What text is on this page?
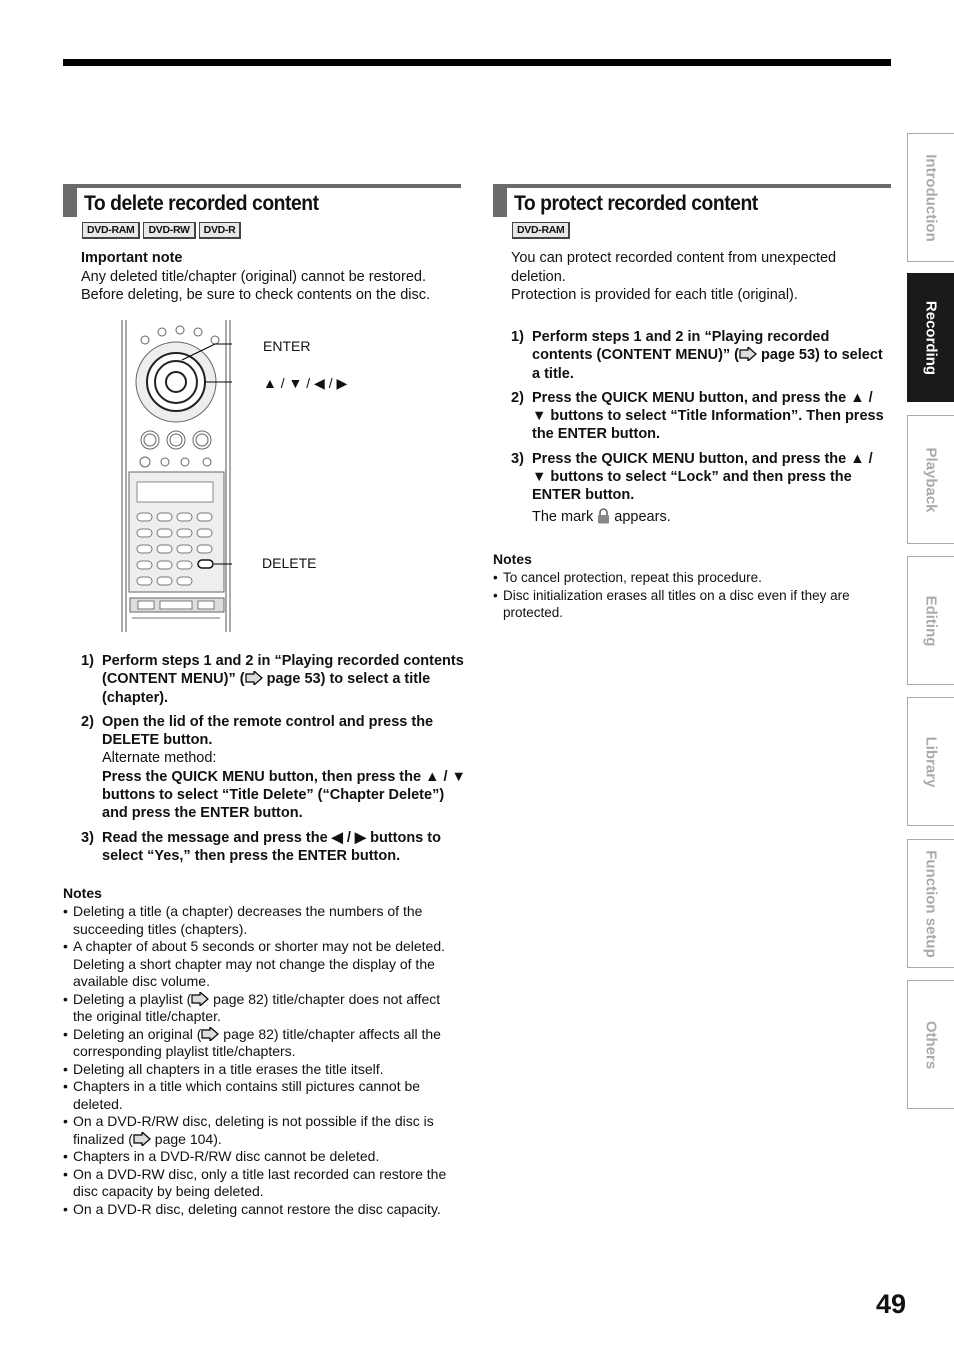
To delete recorded content
DVD-RAM	DVD-RW	DVD-R
Important note
Any deleted title/chapter (original) cannot be restored.
Before deleting, be sure to check contents on the disc.
ENTER
▲ / ▼ / ◀ / ▶
DELETE
1) Perform steps 1 and 2 in “Playing recorded contents (CONTENT MENU)” ( page 53) to select a title (chapter).
2) Open the lid of the remote control and press the DELETE button.
Alternate method:
Press the QUICK MENU button, then press the ▲ / ▼ buttons to select “Title Delete” (“Chapter Delete”) and press the ENTER button.
3) Read the message and press the ◀ / ▶ buttons to select “Yes,” then press the ENTER button.
Notes
• Deleting a title (a chapter) decreases the numbers of the succeeding titles (chapters).
• A chapter of about 5 seconds or shorter may not be deleted. Deleting a short chapter may not change the display of the available disc volume.
• Deleting a playlist ( page 82) title/chapter does not affect the original title/chapter.
• Deleting an original ( page 82) title/chapter affects all the corresponding playlist title/chapters.
• Deleting all chapters in a title erases the title itself.
• Chapters in a title which contains still pictures cannot be deleted.
• On a DVD-R/RW disc, deleting is not possible if the disc is finalized ( page 104).
• Chapters in a DVD-R/RW disc cannot be deleted.
• On a DVD-RW disc, only a title last recorded can restore the disc capacity by being deleted.
• On a DVD-R disc, deleting cannot restore the disc capacity.
To protect recorded content
DVD-RAM
You can protect recorded content from unexpected deletion.
Protection is provided for each title (original).
1) Perform steps 1 and 2 in “Playing recorded contents (CONTENT MENU)” ( page 53) to select a title.
2) Press the QUICK MENU button, and press the ▲ / ▼ buttons to select “Title Information”. Then press the ENTER button.
3) Press the QUICK MENU button, and press the ▲ / ▼ buttons to select “Lock” and then press the ENTER button.
The mark  appears.
Notes
• To cancel protection, repeat this procedure.
• Disc initialization erases all titles on a disc even if they are protected.
Introduction
Recording
Playback
Editing
Library
Function setup
Others
49
